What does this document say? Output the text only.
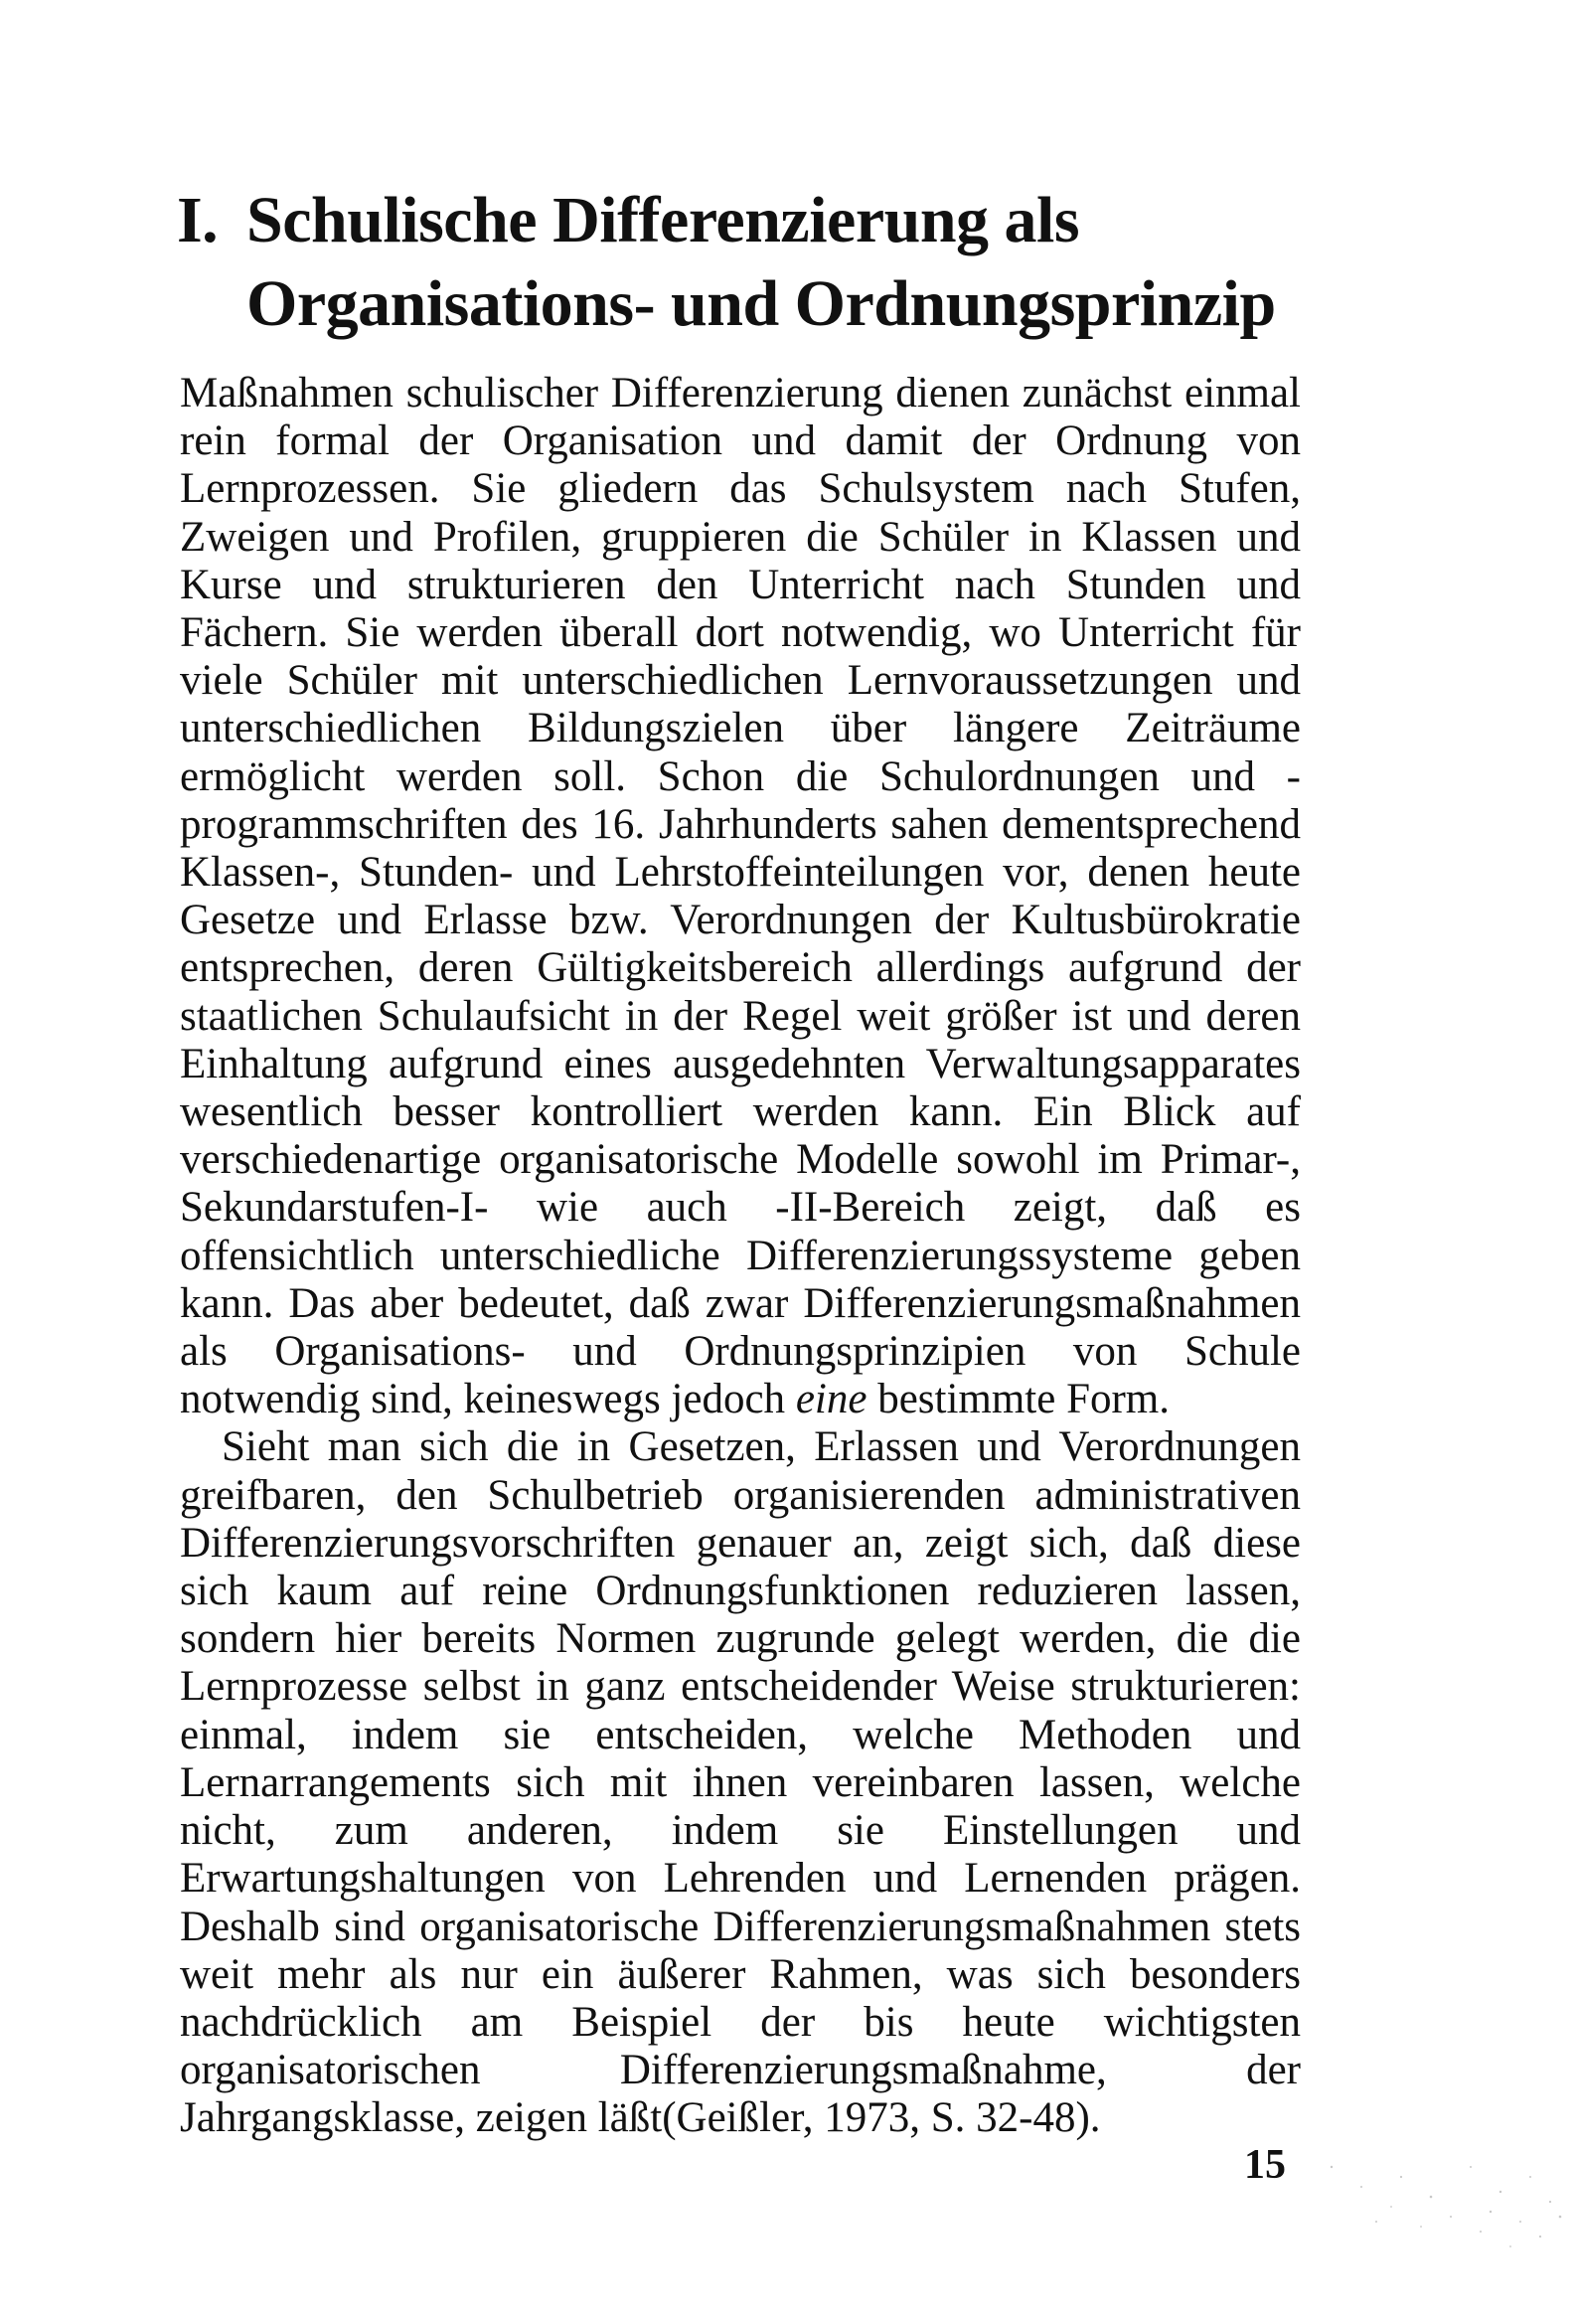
I. Schulische Differenzierung als
Organisations- und Ordnungsprinzip

Maßnahmen schulischer Differenzierung dienen zunächst einmal rein formal der Organisation und damit der Ordnung von Lernprozessen. Sie gliedern das Schulsystem nach Stufen, Zweigen und Profilen, gruppieren die Schüler in Klassen und Kurse und strukturieren den Unterricht nach Stunden und Fächern. Sie werden überall dort notwendig, wo Unterricht für viele Schüler mit unterschiedlichen Lernvoraussetzungen und unterschiedlichen Bildungszielen über längere Zeiträume ermöglicht werden soll. Schon die Schulordnungen und -programmschriften des 16. Jahrhunderts sahen dementsprechend Klassen-, Stunden- und Lehrstoffeinteilungen vor, denen heute Gesetze und Erlasse bzw. Verordnungen der Kultusbürokratie entsprechen, deren Gültigkeitsbereich allerdings aufgrund der staatlichen Schulaufsicht in der Regel weit größer ist und deren Einhaltung aufgrund eines ausgedehnten Verwaltungsapparates wesentlich besser kontrolliert werden kann. Ein Blick auf verschiedenartige organisatorische Modelle sowohl im Primar-, Sekundarstufen-I- wie auch -II-Bereich zeigt, daß es offensichtlich unterschiedliche Differenzierungssysteme geben kann. Das aber bedeutet, daß zwar Differenzierungsmaßnahmen als Organisations- und Ordnungsprinzipien von Schule notwendig sind, keineswegs jedoch eine bestimmte Form.

Sieht man sich die in Gesetzen, Erlassen und Verordnungen greifbaren, den Schulbetrieb organisierenden administrativen Differenzierungsvorschriften genauer an, zeigt sich, daß diese sich kaum auf reine Ordnungsfunktionen reduzieren lassen, sondern hier bereits Normen zugrunde gelegt werden, die die Lernprozesse selbst in ganz entscheidender Weise strukturieren: einmal, indem sie entscheiden, welche Methoden und Lernarrangements sich mit ihnen vereinbaren lassen, welche nicht, zum anderen, indem sie Einstellungen und Erwartungshaltungen von Lehrenden und Lernenden prägen. Deshalb sind organisatorische Differenzierungsmaßnahmen stets weit mehr als nur ein äußerer Rahmen, was sich besonders nachdrücklich am Beispiel der bis heute wichtigsten organisatorischen Differenzierungsmaßnahme, der Jahrgangsklasse, zeigen läßt(Geißler, 1973, S. 32-48).

15
